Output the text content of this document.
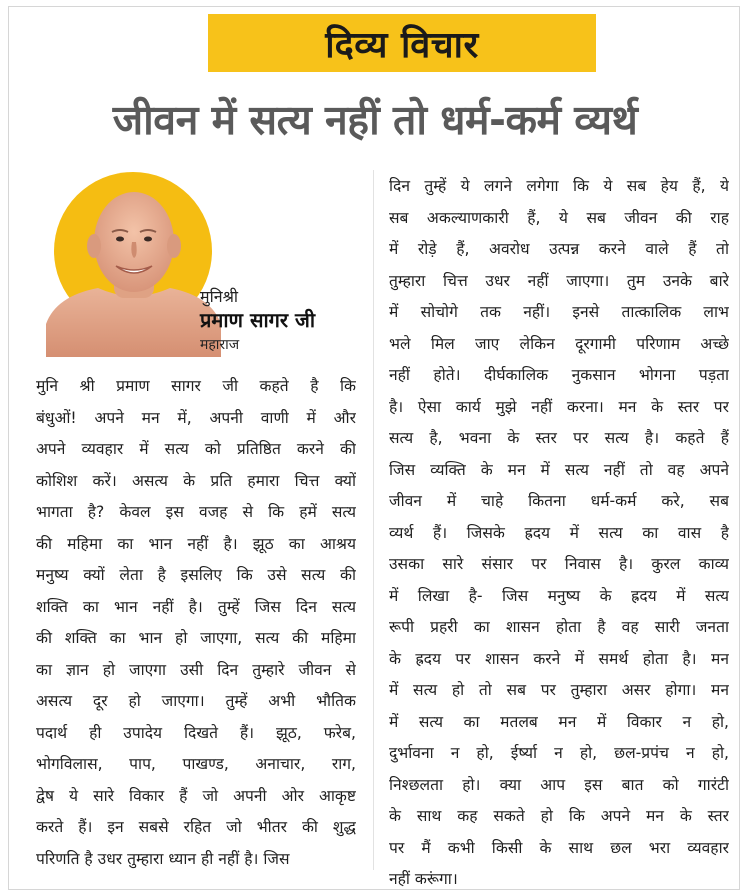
दिव्य विचार
जीवन में सत्य नहीं तो धर्म-कर्म व्यर्थ
मुनिश्री
प्रमाण सागर जी
महाराज
मुनि श्री प्रमाण सागर जी कहते है कि
बंधुओं! अपने मन में, अपनी वाणी में और
अपने व्यवहार में सत्य को प्रतिष्ठित करने की
कोशिश करें। असत्य के प्रति हमारा चित्त क्यों
भागता है? केवल इस वजह से कि हमें सत्य
की महिमा का भान नहीं है। झूठ का आश्रय
मनुष्य क्यों लेता है इसलिए कि उसे सत्य की
शक्ति का भान नहीं है। तुम्हें जिस दिन सत्य
की शक्ति का भान हो जाएगा, सत्य की महिमा
का ज्ञान हो जाएगा उसी दिन तुम्हारे जीवन से
असत्य दूर हो जाएगा। तुम्हें अभी भौतिक
पदार्थ ही उपादेय दिखते हैं। झूठ, फरेब,
भोगविलास, पाप, पाखण्ड, अनाचार, राग,
द्वेष ये सारे विकार हैं जो अपनी ओर आकृष्ट
करते हैं। इन सबसे रहित जो भीतर की शुद्ध
परिणति है उधर तुम्हारा ध्यान ही नहीं है। जिस
दिन तुम्हें ये लगने लगेगा कि ये सब हेय हैं, ये
सब अकल्याणकारी हैं, ये सब जीवन की राह
में रोड़े हैं, अवरोध उत्पन्न करने वाले हैं तो
तुम्हारा चित्त उधर नहीं जाएगा। तुम उनके बारे
में सोचोगे तक नहीं। इनसे तात्कालिक लाभ
भले मिल जाए लेकिन दूरगामी परिणाम अच्छे
नहीं होते। दीर्घकालिक नुकसान भोगना पड़ता
है। ऐसा कार्य मुझे नहीं करना। मन के स्तर पर
सत्य है, भवना के स्तर पर सत्य है। कहते हैं
जिस व्यक्ति के मन में सत्य नहीं तो वह अपने
जीवन में चाहे कितना धर्म-कर्म करे, सब
व्यर्थ हैं। जिसके ह्रदय में सत्य का वास है
उसका सारे संसार पर निवास है। कुरल काव्य
में लिखा है- जिस मनुष्य के ह्रदय में सत्य
रूपी प्रहरी का शासन होता है वह सारी जनता
के ह्रदय पर शासन करने में समर्थ होता है। मन
में सत्य हो तो सब पर तुम्हारा असर होगा। मन
में सत्य का मतलब मन में विकार न हो,
दुर्भावना न हो, ईर्ष्या न हो, छल-प्रपंच न हो,
निश्छलता हो। क्या आप इस बात को गारंटी
के साथ कह सकते हो कि अपने मन के स्तर
पर मैं कभी किसी के साथ छल भरा व्यवहार
नहीं करूंगा।
